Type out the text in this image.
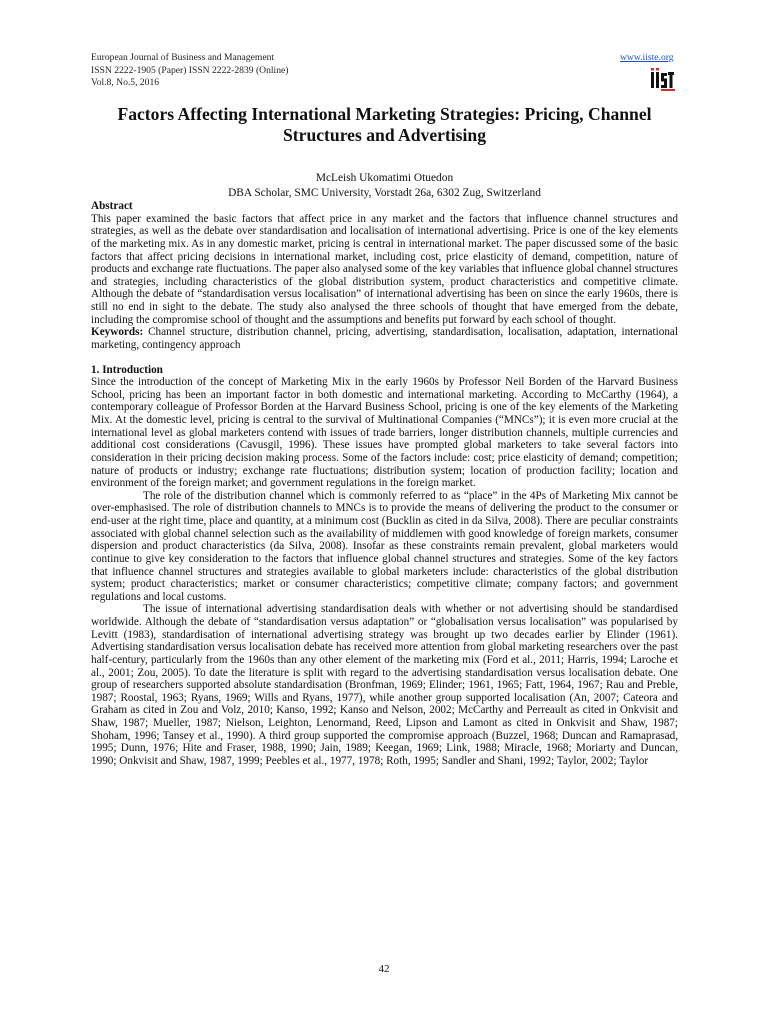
European Journal of Business and Management
ISSN 2222-1905 (Paper) ISSN 2222-2839 (Online)
Vol.8, No.5, 2016
www.iiste.org
Factors Affecting International Marketing Strategies: Pricing, Channel Structures and Advertising
McLeish Ukomatimi Otuedon
DBA Scholar, SMC University, Vorstadt 26a, 6302 Zug, Switzerland

Abstract

This paper examined the basic factors that affect price in any market and the factors that influence channel structures and strategies, as well as the debate over standardisation and localisation of international advertising. Price is one of the key elements of the marketing mix. As in any domestic market, pricing is central in international market. The paper discussed some of the basic factors that affect pricing decisions in international market, including cost, price elasticity of demand, competition, nature of products and exchange rate fluctuations. The paper also analysed some of the key variables that influence global channel structures and strategies, including characteristics of the global distribution system, product characteristics and competitive climate. Although the debate of “standardisation versus localisation” of international advertising has been on since the early 1960s, there is still no end in sight to the debate. The study also analysed the three schools of thought that have emerged from the debate, including the compromise school of thought and the assumptions and benefits put forward by each school of thought.

Keywords: Channel structure, distribution channel, pricing, advertising, standardisation, localisation, adaptation, international marketing, contingency approach

1. Introduction

Since the introduction of the concept of Marketing Mix in the early 1960s by Professor Neil Borden of the Harvard Business School, pricing has been an important factor in both domestic and international marketing. According to McCarthy (1964), a contemporary colleague of Professor Borden at the Harvard Business School, pricing is one of the key elements of the Marketing Mix. At the domestic level, pricing is central to the survival of Multinational Companies (“MNCs”); it is even more crucial at the international level as global marketers contend with issues of trade barriers, longer distribution channels, multiple currencies and additional cost considerations (Cavusgil, 1996). These issues have prompted global marketers to take several factors into consideration in their pricing decision making process. Some of the factors include: cost; price elasticity of demand; competition; nature of products or industry; exchange rate fluctuations; distribution system; location of production facility; location and environment of the foreign market; and government regulations in the foreign market.

The role of the distribution channel which is commonly referred to as “place” in the 4Ps of Marketing Mix cannot be over-emphasised. The role of distribution channels to MNCs is to provide the means of delivering the product to the consumer or end-user at the right time, place and quantity, at a minimum cost (Bucklin as cited in da Silva, 2008). There are peculiar constraints associated with global channel selection such as the availability of middlemen with good knowledge of foreign markets, consumer dispersion and product characteristics (da Silva, 2008). Insofar as these constraints remain prevalent, global marketers would continue to give key consideration to the factors that influence global channel structures and strategies. Some of the key factors that influence channel structures and strategies available to global marketers include: characteristics of the global distribution system; product characteristics; market or consumer characteristics; competitive climate; company factors; and government regulations and local customs.

The issue of international advertising standardisation deals with whether or not advertising should be standardised worldwide. Although the debate of “standardisation versus adaptation” or “globalisation versus localisation” was popularised by Levitt (1983), standardisation of international advertising strategy was brought up two decades earlier by Elinder (1961). Advertising standardisation versus localisation debate has received more attention from global marketing researchers over the past half-century, particularly from the 1960s than any other element of the marketing mix (Ford et al., 2011; Harris, 1994; Laroche et al., 2001; Zou, 2005). To date the literature is split with regard to the advertising standardisation versus localisation debate. One group of researchers supported absolute standardisation (Bronfman, 1969; Elinder; 1961, 1965; Fatt, 1964, 1967; Rau and Preble, 1987; Roostal, 1963; Ryans, 1969; Wills and Ryans, 1977), while another group supported localisation (An, 2007; Cateora and Graham as cited in Zou and Volz, 2010; Kanso, 1992; Kanso and Nelson, 2002; McCarthy and Perreault as cited in Onkvisit and Shaw, 1987; Mueller, 1987; Nielson, Leighton, Lenormand, Reed, Lipson and Lamont as cited in Onkvisit and Shaw, 1987; Shoham, 1996; Tansey et al., 1990). A third group supported the compromise approach (Buzzel, 1968; Duncan and Ramaprasad, 1995; Dunn, 1976; Hite and Fraser, 1988, 1990; Jain, 1989; Keegan, 1969; Link, 1988; Miracle, 1968; Moriarty and Duncan, 1990; Onkvisit and Shaw, 1987, 1999; Peebles et al., 1977, 1978; Roth, 1995; Sandler and Shani, 1992; Taylor, 2002; Taylor

42
